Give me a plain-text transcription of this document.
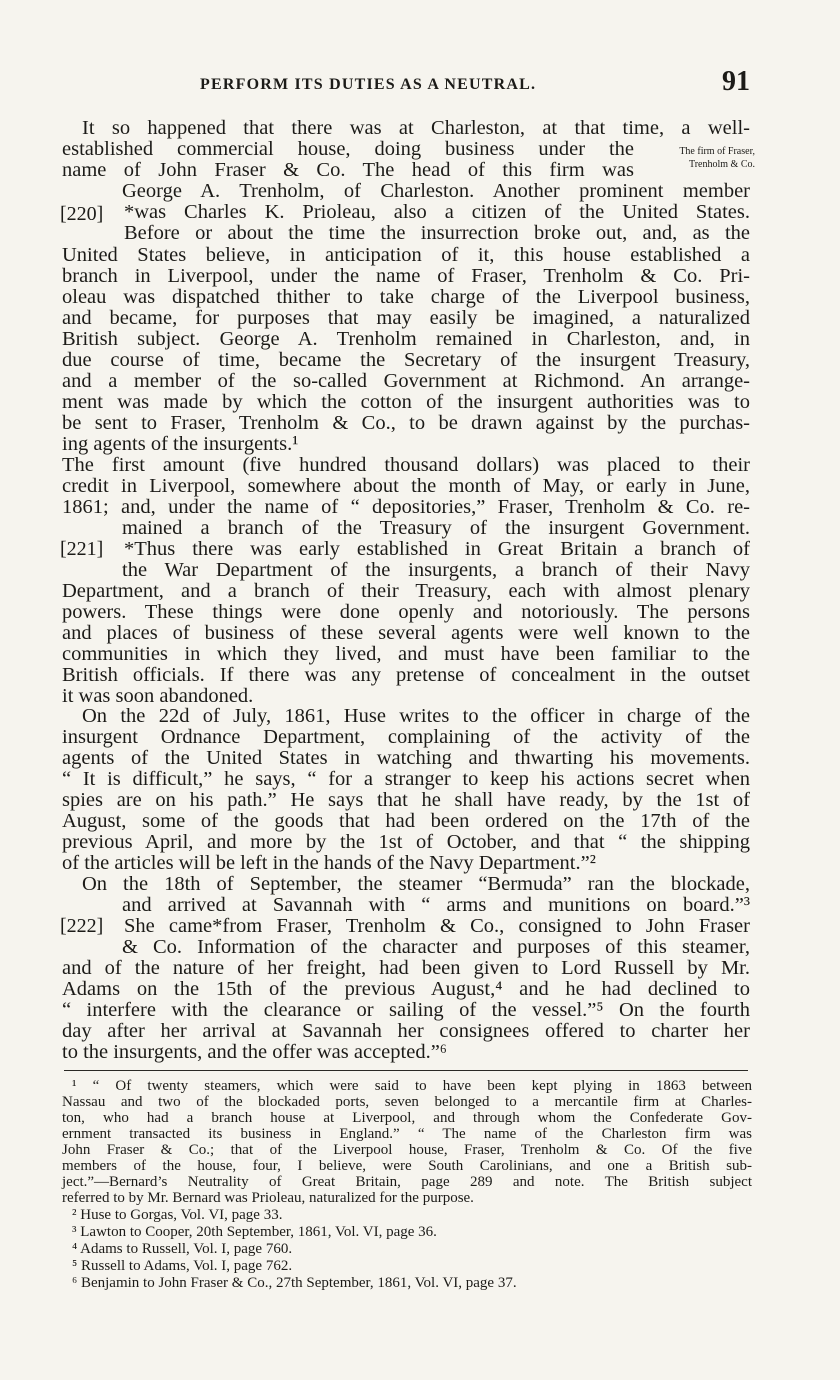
PERFORM ITS DUTIES AS A NEUTRAL.	91
The firm of Fraser,
Trenholm & Co.
[220]
[221]
[222]
It so happened that there was at Charleston, at that time, a well-
established commercial house, doing business under the
name of John Fraser & Co. The head of this firm was
George A. Trenholm, of Charleston. Another prominent member
*was Charles K. Prioleau, also a citizen of the United States.
Before or about the time the insurrection broke out, and, as the
United States believe, in anticipation of it, this house established a
branch in Liverpool, under the name of Fraser, Trenholm & Co. Pri-
oleau was dispatched thither to take charge of the Liverpool business,
and became, for purposes that may easily be imagined, a naturalized
British subject. George A. Trenholm remained in Charleston, and, in
due course of time, became the Secretary of the insurgent Treasury,
and a member of the so-called Government at Richmond. An arrange-
ment was made by which the cotton of the insurgent authorities was to
be sent to Fraser, Trenholm & Co., to be drawn against by the purchas-
ing agents of the insurgents.¹
The first amount (five hundred thousand dollars) was placed to their
credit in Liverpool, somewhere about the month of May, or early in June,
1861; and, under the name of “ depositories,” Fraser, Trenholm & Co. re-
mained a branch of the Treasury of the insurgent Government.
*Thus there was early established in Great Britain a branch of
the War Department of the insurgents, a branch of their Navy
Department, and a branch of their Treasury, each with almost plenary
powers. These things were done openly and notoriously. The persons
and places of business of these several agents were well known to the
communities in which they lived, and must have been familiar to the
British officials. If there was any pretense of concealment in the outset
it was soon abandoned.
On the 22d of July, 1861, Huse writes to the officer in charge of the
insurgent Ordnance Department, complaining of the activity of the
agents of the United States in watching and thwarting his movements.
“ It is difficult,” he says, “ for a stranger to keep his actions secret when
spies are on his path.” He says that he shall have ready, by the 1st of
August, some of the goods that had been ordered on the 17th of the
previous April, and more by the 1st of October, and that “ the shipping
of the articles will be left in the hands of the Navy Department.”²
On the 18th of September, the steamer “Bermuda” ran the blockade,
and arrived at Savannah with “ arms and munitions on board.”³
She came*from Fraser, Trenholm & Co., consigned to John Fraser
& Co. Information of the character and purposes of this steamer,
and of the nature of her freight, had been given to Lord Russell by Mr.
Adams on the 15th of the previous August,⁴ and he had declined to
“ interfere with the clearance or sailing of the vessel.”⁵ On the fourth
day after her arrival at Savannah her consignees offered to charter her
to the insurgents, and the offer was accepted.”⁶
¹ “ Of twenty steamers, which were said to have been kept plying in 1863 between
Nassau and two of the blockaded ports, seven belonged to a mercantile firm at Charles-
ton, who had a branch house at Liverpool, and through whom the Confederate Gov-
ernment transacted its business in England.” “ The name of the Charleston firm was
John Fraser & Co.; that of the Liverpool house, Fraser, Trenholm & Co. Of the five
members of the house, four, I believe, were South Carolinians, and one a British sub-
ject.”—Bernard’s Neutrality of Great Britain, page 289 and note. The British subject
referred to by Mr. Bernard was Prioleau, naturalized for the purpose.
² Huse to Gorgas, Vol. VI, page 33.
³ Lawton to Cooper, 20th September, 1861, Vol. VI, page 36.
⁴ Adams to Russell, Vol. I, page 760.
⁵ Russell to Adams, Vol. I, page 762.
⁶ Benjamin to John Fraser & Co., 27th September, 1861, Vol. VI, page 37.
